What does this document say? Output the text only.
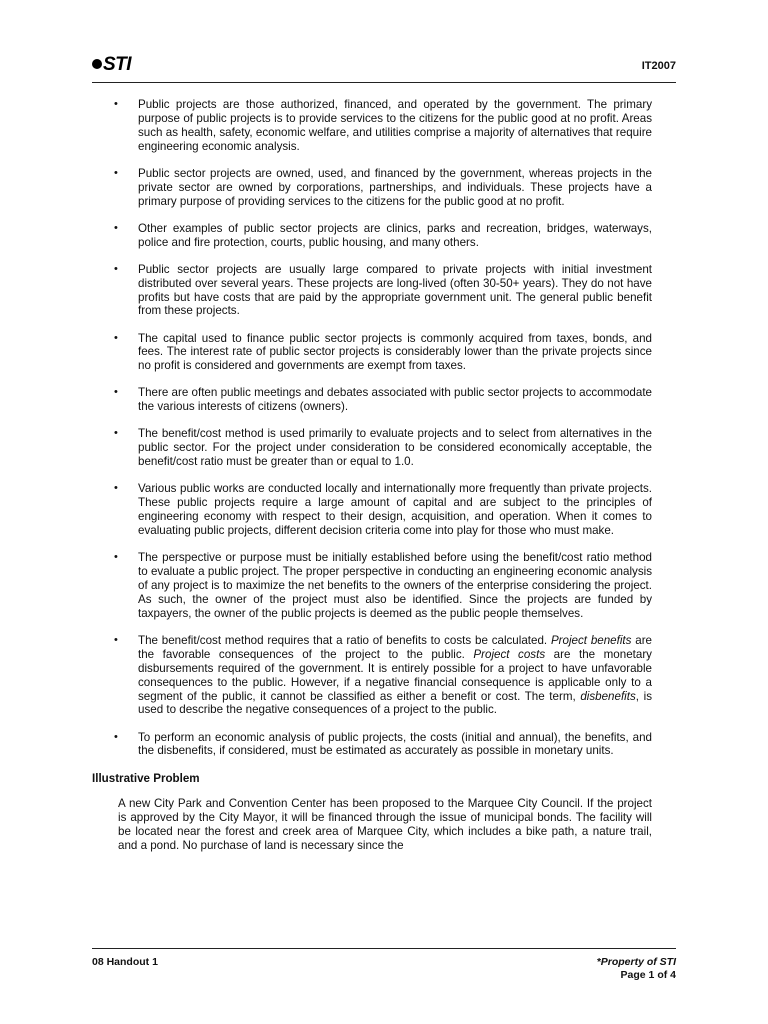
STI	IT2007
• Public projects are those authorized, financed, and operated by the government. The primary purpose of public projects is to provide services to the citizens for the public good at no profit. Areas such as health, safety, economic welfare, and utilities comprise a majority of alternatives that require engineering economic analysis.
• Public sector projects are owned, used, and financed by the government, whereas projects in the private sector are owned by corporations, partnerships, and individuals. These projects have a primary purpose of providing services to the citizens for the public good at no profit.
• Other examples of public sector projects are clinics, parks and recreation, bridges, waterways, police and fire protection, courts, public housing, and many others.
• Public sector projects are usually large compared to private projects with initial investment distributed over several years. These projects are long-lived (often 30-50+ years). They do not have profits but have costs that are paid by the appropriate government unit. The general public benefit from these projects.
• The capital used to finance public sector projects is commonly acquired from taxes, bonds, and fees. The interest rate of public sector projects is considerably lower than the private projects since no profit is considered and governments are exempt from taxes.
• There are often public meetings and debates associated with public sector projects to accommodate the various interests of citizens (owners).
• The benefit/cost method is used primarily to evaluate projects and to select from alternatives in the public sector. For the project under consideration to be considered economically acceptable, the benefit/cost ratio must be greater than or equal to 1.0.
• Various public works are conducted locally and internationally more frequently than private projects. These public projects require a large amount of capital and are subject to the principles of engineering economy with respect to their design, acquisition, and operation. When it comes to evaluating public projects, different decision criteria come into play for those who must make.
• The perspective or purpose must be initially established before using the benefit/cost ratio method to evaluate a public project. The proper perspective in conducting an engineering economic analysis of any project is to maximize the net benefits to the owners of the enterprise considering the project. As such, the owner of the project must also be identified. Since the projects are funded by taxpayers, the owner of the public projects is deemed as the public people themselves.
• The benefit/cost method requires that a ratio of benefits to costs be calculated. Project benefits are the favorable consequences of the project to the public. Project costs are the monetary disbursements required of the government. It is entirely possible for a project to have unfavorable consequences to the public. However, if a negative financial consequence is applicable only to a segment of the public, it cannot be classified as either a benefit or cost. The term, disbenefits, is used to describe the negative consequences of a project to the public.
• To perform an economic analysis of public projects, the costs (initial and annual), the benefits, and the disbenefits, if considered, must be estimated as accurately as possible in monetary units.
Illustrative Problem
A new City Park and Convention Center has been proposed to the Marquee City Council. If the project is approved by the City Mayor, it will be financed through the issue of municipal bonds. The facility will be located near the forest and creek area of Marquee City, which includes a bike path, a nature trail, and a pond. No purchase of land is necessary since the
08 Handout 1	*Property of STI
Page 1 of 4
